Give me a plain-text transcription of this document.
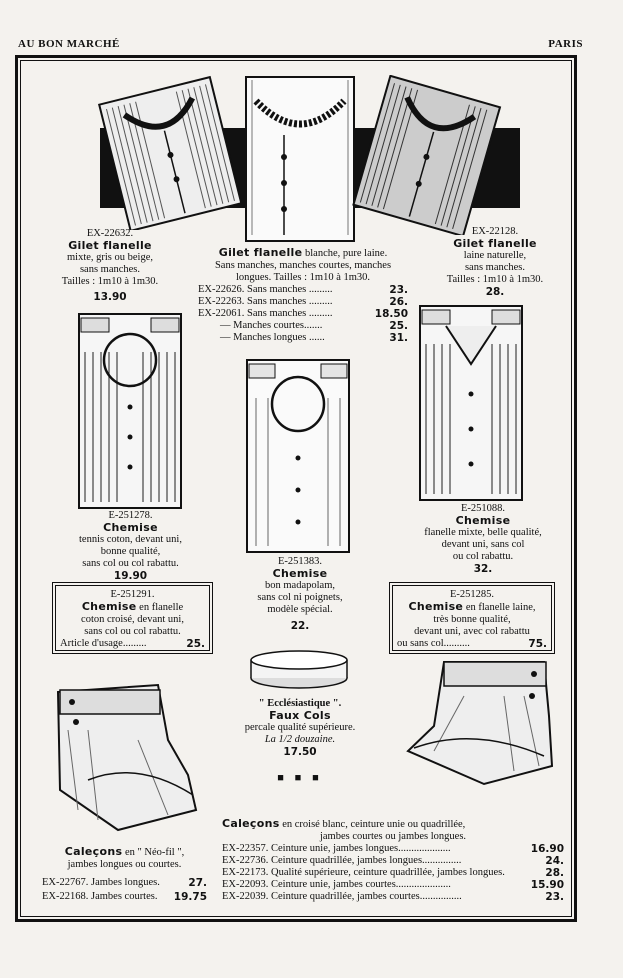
AU BON MARCHÉ	PARIS
EX-22632.
Gilet flanelle
mixte, gris ou beige,
sans manches.
Tailles : 1m10 à 1m30.
13.90
Gilet flanelle blanche, pure laine.
Sans manches, manches courtes, manches
longues. Tailles : 1m10 à 1m30.
EX-22626. Sans manches .........	23.
EX-22263. Sans manches .........	26.
EX-22061. Sans manches .........	18.50
— Manches courtes.......	25.
— Manches longues ......	31.
EX-22128.
Gilet flanelle
laine naturelle,
sans manches.
Tailles : 1m10 à 1m30.
28.
E-251278.
Chemise
tennis coton, devant uni,
bonne qualité,
sans col ou col rabattu.
19.90
E-251383.
Chemise
bon madapolam,
sans col ni poignets,
modèle spécial.
22.
E-251088.
Chemise
flanelle mixte, belle qualité,
devant uni, sans col
ou col rabattu.
32.
E-251291.
Chemise en flanelle
coton croisé, devant uni,
sans col ou col rabattu.
Article d'usage.........	25.
E-251285.
Chemise en flanelle laine,
très bonne qualité,
devant uni, avec col rabattu
ou sans col..........	75.
" Ecclésiastique ".
Faux Cols
percale qualité supérieure.
La 1/2 douzaine.
17.50
■ ■ ■
Caleçons en " Néo-fil ",
jambes longues ou courtes.
EX-22767. Jambes longues.	27.
EX-22168. Jambes courtes. 19.75
Caleçons en croisé blanc, ceinture unie ou quadrillée,
jambes courtes ou jambes longues.
EX-22357. Ceinture unie, jambes longues....................	16.90
EX-22736. Ceinture quadrillée, jambes longues...............	24.
EX-22173. Qualité supérieure, ceinture quadrillée, jambes longues.	28.
EX-22093. Ceinture unie, jambes courtes.....................	15.90
EX-22039. Ceinture quadrillée, jambes courtes................	23.
